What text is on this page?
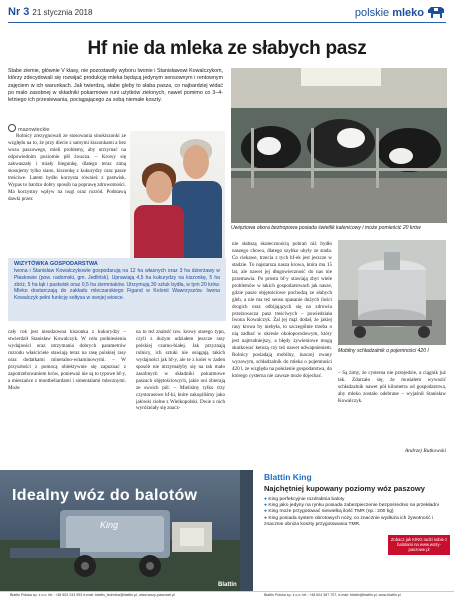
Nr 3 21 stycznia 2018	polskie mleko
Hf nie da mleka ze słabych pasz
Stabe ziemie, głównie V klasy, nie pozostawiły wyboru Iwonie i Stanisławowi Kowalczykom, którzy zdecydowali się rozwijać produkcję mleka będącą jedynym sensownym i rentownym zajęciem w ich warunkach. Jak twierdzą, słabe gleby to słaba pasza, co najbardziej widać po mało zasobnej w składniki pokarmowe runi użytków zielonych, nawet pomimo co 3–4-letniego ich przesiewania, pociągającego za sobą niemałe koszty.
mazowieckie

Rolnicy zrezygnowali ze stosowania sinokiszonki ze względu na to, że przy diecie z samymi kiszonkami a bez wozu paszowego, mieli problemy, aby utrzymać na odpowiednim poziomie pH żwacza. – Krowy się zakwaszały i miały biegunkę, dlatego teraz zimą stosujemy tylko siano, kiszonkę z kukurydzy oraz pasze treściwe. Latem bydło korzysta również z pastwisk. Wypas to bardzo dobry sposób na poprawę zdrowotności. Ma korzystny wpływ na nogi oraz rozród. Podstawą dawki przez

WIZYTÓWKA GOSPODARSTWA
Iwona i Stanisław Kowalczykowie gospodarują na 12 ha własnych oraz 3 ha dzierżawy w Płaskowie (pow. radomski, gm. Jedlińsk). Uprawiają 4,5 ha kukurydzy na kiszonkę, 5 ha zbóż, 5 ha łąk i pastwisk oraz 0,5 ha ziemniaków. Utrzymują 30 sztuk bydła, w tym 20 krów. Mleko dostarczają do zakładu mleczarskiego Figand w Kolonii Wawrzyszów. Iwona Kowalczyk pełni funkcję sołtysa w swojej wiosce.

cały rok jest nieodzowna kiszonka z kukurydzy – stwierdził Stanisław Kowalczyk. W celu podniesienia wydajności oraz utrzymania dobrych parametrów rozrodu właściciele stawiają teraz na rasę polskiej rasy oraz dodatkami mineralno-witaminowymi. – W przyszłości z pomocą obiektywnie się zapoznać z zapotrzebowaniem krów, ponieważ nie są to typowe hf-y, a mieszańce z montbeliardami i simentalami mlecznymi. Może

na to też znaleźć tzw. krowy starego typu, czyli z dużym udziałem jeszcze rasy polskiej czarno-białej. Jak przyznają rolnicy, ich sztuki nie osiągają takich wydajności jak hf-y, ale te z kolei w żaden sposób nie utrzymałyby się na tak mało zasobnych w składniki pokarmowe paszach objętościowych, jakie oni zbierają ze swoich pól. – Mieliśmy tylko trzy czystorasowe hf-ki, które zakupiliśmy jako jałówki cielne z Wielkopolski. Dwie z nich wyróżniały się znacz-

Uwięziowa obora beztropowa posiada świetlik kalenicowy i może pomieścić 20 krów

nie słabszą skutecznością pobrań niż bydło naszego chowu, dlatego szybko ubyły ze stada. Co ciekawe, trzecia z tych hf-ek jest jeszcze w stadzie. To najstarsza nasza krowa, która ma 15 lat, ale nawet jej długowieczność do nas nie przemawia. Po prostu hf-y stawiają zbyt wiele problemów w takich gospodarstwach jak nasze, gdzie pasze objętościowe pochodzą ze słabych gleb, a nie ma też sensu spasanie dużych ilości drogich oraz odbijających się na zdrowiu przeżuwacza pasz treściwych – powiedziała Iwona Kowalczyk. Żal jej mąż dodał, że jakiej rasy krowa by niebyła, to szczególnie trzeba o nią zadbać w okresie okołoporodowym, który jest najtrudniejszy, a błędy żywieniowe mogą skutkować ketozą czy też nawet odwapnieniem. Rolnicy posiadają mobilny, inaczej zwany wyzowym, schładzalnik do mleka o pojemności 420 l, ze względu na położenie gospodarstwa, do którego cysterna nie zawsze może dojechać.

Mobilny schładzalnik o pojemności 420 l

– Są zimy, że cysterna nie przejedzie, a ciągnik już tak. Zdarzało się, że musiałem wywozić schładzalnik nawet pół kilometra od gospodarstwa, aby mleko zostało odebrane – wyjaśnił Stanisław Kowalczyk.

Andrzej Rutkowski
Idealny wóz do balotów
King
Blattin
Blattin King
Najchętniej kupowany poziomy wóz paszowy
● King perfekcyjnie rozdrabnia baloty
● King jako jedyny na rynku posiada zabezpieczenie bezpośrednio na przekładni
● King może przygotować niewielką ilość TMR (np.: 200 kg)
● King posiada system obrotowych noży, co znacznie wydłuża ich żywotność i znacznie obniża koszty przygotowania TMR.
Zobacz jak KING radzi sobie z balotami na www.wozy-paszowe.pl
Blattin Polska sp. z o.o. tel.: +48 602 243 993 e-mail: blattin_technika@blattin.pl, www.wozy-paszowe.pl	Blattin Polska sp. z o.o. tel.: +48 624 387 707, e-mail: blattin@blattin.pl, www.blattin.pl
